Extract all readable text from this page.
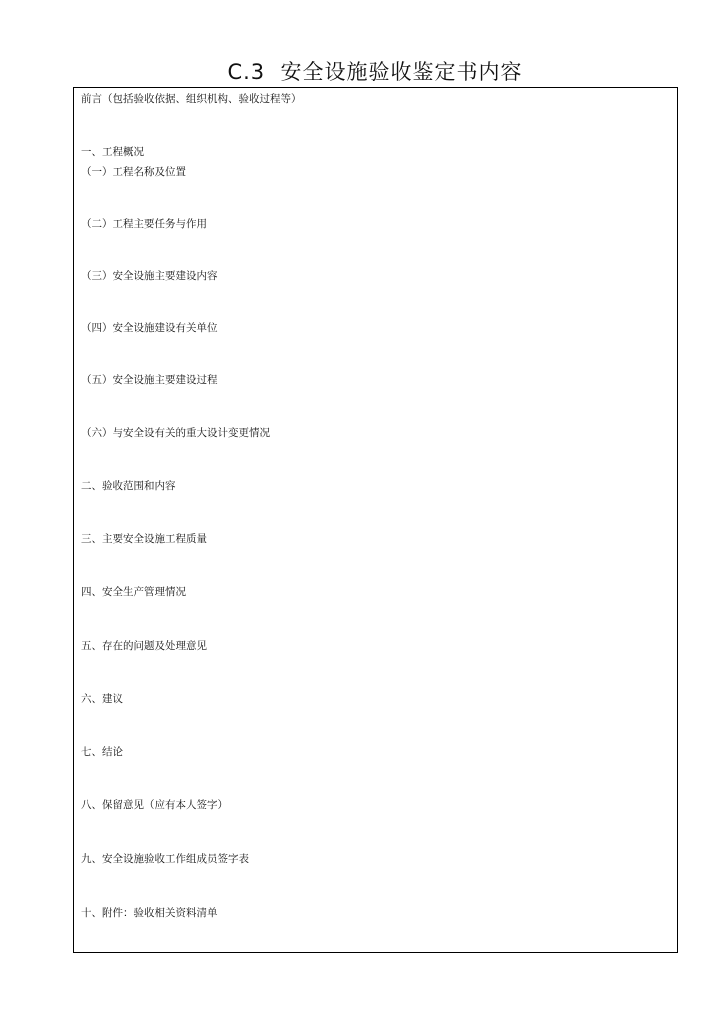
C.3  安全设施验收鉴定书内容
前言（包括验收依据、组织机构、验收过程等）
一、工程概况
（一）工程名称及位置
（二）工程主要任务与作用
（三）安全设施主要建设内容
（四）安全设施建设有关单位
（五）安全设施主要建设过程
（六）与安全设有关的重大设计变更情况
二、验收范围和内容
三、主要安全设施工程质量
四、安全生产管理情况
五、存在的问题及处理意见
六、建议
七、结论
八、保留意见（应有本人签字）
九、安全设施验收工作组成员签字表
十、附件：验收相关资料清单
